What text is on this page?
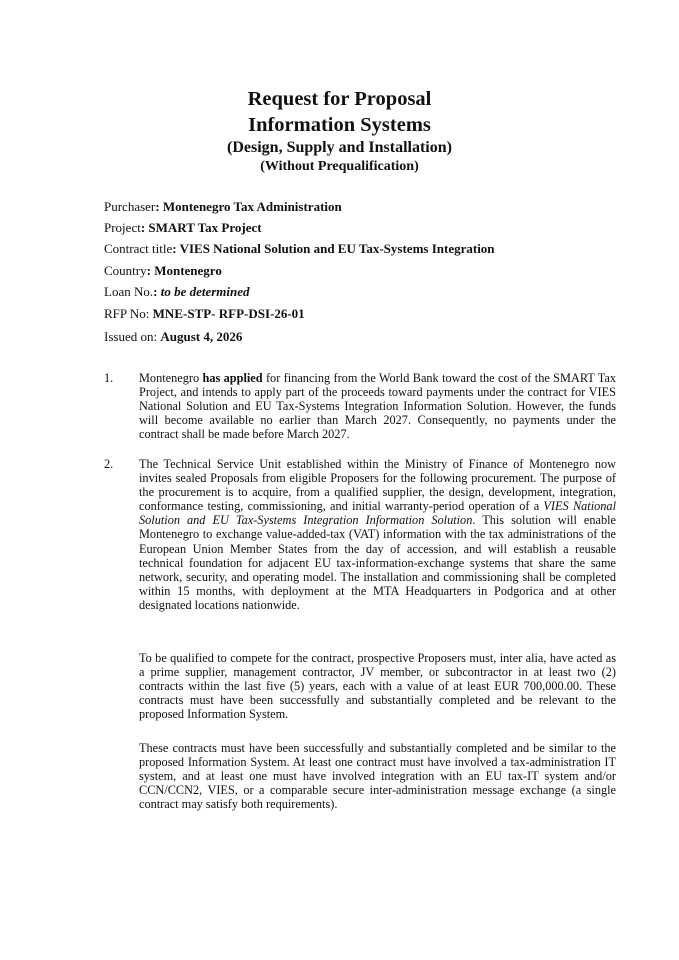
Request for Proposal
Information Systems
(Design, Supply and Installation)
(Without Prequalification)
Purchaser: Montenegro Tax Administration
Project: SMART Tax Project
Contract title: VIES National Solution and EU Tax-Systems Integration
Country: Montenegro
Loan No.: to be determined
RFP No: MNE-STP- RFP-DSI-26-01
Issued on: August 4, 2026
1. Montenegro has applied for financing from the World Bank toward the cost of the SMART Tax Project, and intends to apply part of the proceeds toward payments under the contract for VIES National Solution and EU Tax-Systems Integration Information Solution. However, the funds will become available no earlier than March 2027. Consequently, no payments under the contract shall be made before March 2027.

2. The Technical Service Unit established within the Ministry of Finance of Montenegro now invites sealed Proposals from eligible Proposers for the following procurement. The purpose of the procurement is to acquire, from a qualified supplier, the design, development, integration, conformance testing, commissioning, and initial warranty-period operation of a VIES National Solution and EU Tax-Systems Integration Information Solution. This solution will enable Montenegro to exchange value-added-tax (VAT) information with the tax administrations of the European Union Member States from the day of accession, and will establish a reusable technical foundation for adjacent EU tax-information-exchange systems that share the same network, security, and operating model. The installation and commissioning shall be completed within 15 months, with deployment at the MTA Headquarters in Podgorica and at other designated locations nationwide.

To be qualified to compete for the contract, prospective Proposers must, inter alia, have acted as a prime supplier, management contractor, JV member, or subcontractor in at least two (2) contracts within the last five (5) years, each with a value of at least EUR 700,000.00. These contracts must have been successfully and substantially completed and be relevant to the proposed Information System.

These contracts must have been successfully and substantially completed and be similar to the proposed Information System. At least one contract must have involved a tax-administration IT system, and at least one must have involved integration with an EU tax-IT system and/or CCN/CCN2, VIES, or a comparable secure inter-administration message exchange (a single contract may satisfy both requirements).
